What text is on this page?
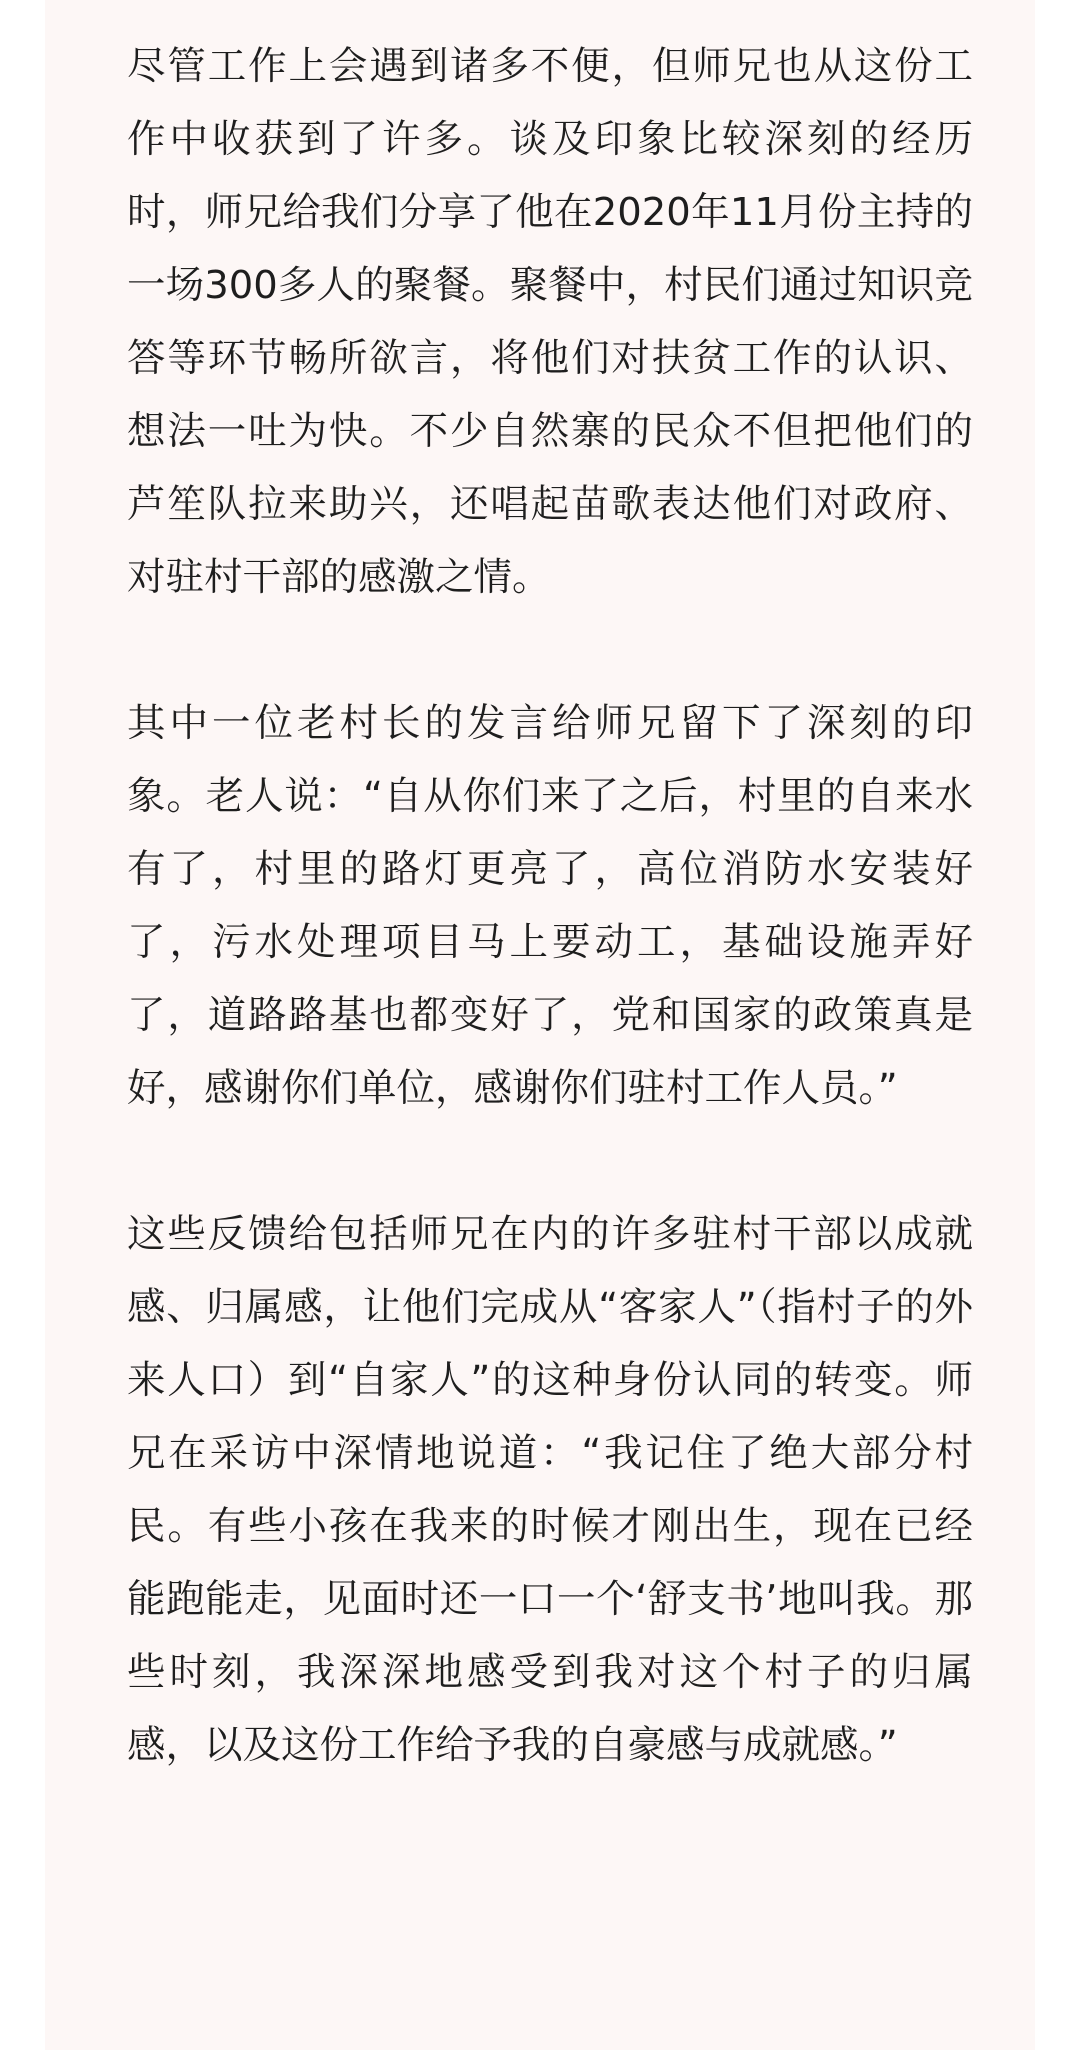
尽管工作上会遇到诸多不便，但师兄也从这份工作中收获到了许多。谈及印象比较深刻的经历时，师兄给我们分享了他在2020年11月份主持的一场300多人的聚餐。聚餐中，村民们通过知识竞答等环节畅所欲言，将他们对扶贫工作的认识、想法一吐为快。不少自然寨的民众不但把他们的芦笙队拉来助兴，还唱起苗歌表达他们对政府、对驻村干部的感激之情。

其中一位老村长的发言给师兄留下了深刻的印象。老人说：“自从你们来了之后，村里的自来水有了，村里的路灯更亮了，高位消防水安装好了，污水处理项目马上要动工，基础设施弄好了，道路路基也都变好了，党和国家的政策真是好，感谢你们单位，感谢你们驻村工作人员。”

这些反馈给包括师兄在内的许多驻村干部以成就感、归属感，让他们完成从“客家人”（指村子的外来人口）到“自家人”的这种身份认同的转变。师兄在采访中深情地说道：“我记住了绝大部分村民。有些小孩在我来的时候才刚出生，现在已经能跑能走，见面时还一口一个‘舒支书’地叫我。那些时刻，我深深地感受到我对这个村子的归属感，以及这份工作给予我的自豪感与成就感。”
